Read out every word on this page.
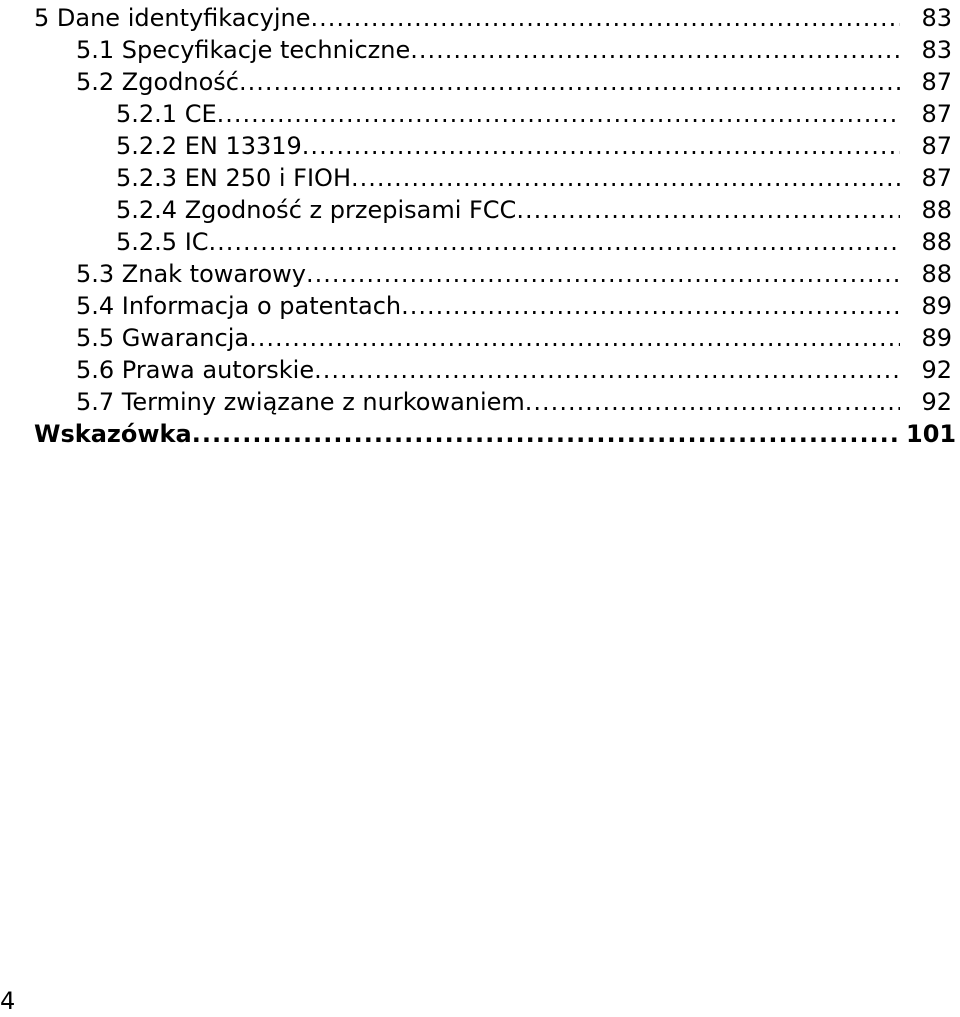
5 Dane identyfikacyjne .....	83
5.1 Specyfikacje techniczne .....	83
5.2 Zgodność .....	87
5.2.1 CE .....	87
5.2.2 EN 13319 .....	87
5.2.3 EN 250 i FIOH .....	87
5.2.4 Zgodność z przepisami FCC .....	88
5.2.5 IC .....	88
5.3 Znak towarowy .....	88
5.4 Informacja o patentach .....	89
5.5 Gwarancja .....	89
5.6 Prawa autorskie .....	92
5.7 Terminy związane z nurkowaniem .....	92
Wskazówka .....	101
4
